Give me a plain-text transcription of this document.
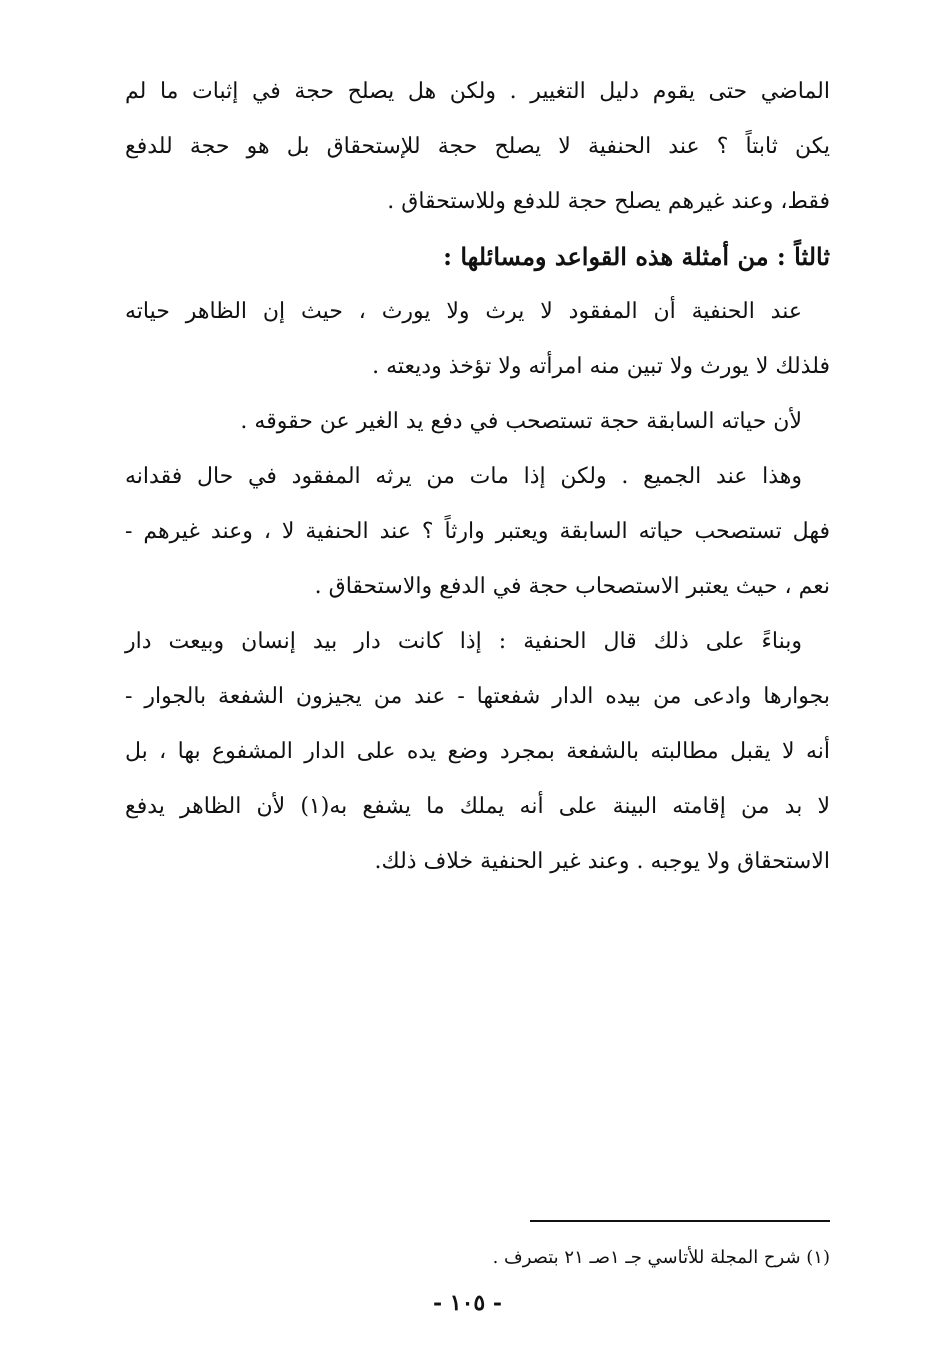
الماضي حتى يقوم دليل التغيير . ولكن هل يصلح حجة في إثبات ما لم
يكن ثابتاً ؟ عند الحنفية لا يصلح حجة للإستحقاق بل هو حجة للدفع
فقط، وعند غيرهم يصلح حجة للدفع وللاستحقاق .
ثالثاً : من أمثلة هذه القواعد ومسائلها :
عند الحنفية أن المفقود لا يرث ولا يورث ، حيث إن الظاهر حياته
فلذلك لا يورث ولا تبين منه امرأته ولا تؤخذ وديعته .
لأن حياته السابقة حجة تستصحب في دفع يد الغير عن حقوقه .
وهذا عند الجميع . ولكن إذا مات من يرثه المفقود في حال فقدانه
فهل تستصحب حياته السابقة ويعتبر وارثاً ؟ عند الحنفية لا ، وعند غيرهم -
نعم ، حيث يعتبر الاستصحاب حجة في الدفع والاستحقاق .
وبناءً على ذلك قال الحنفية : إذا كانت دار بيد إنسان وبيعت دار
بجوارها وادعى من بيده الدار شفعتها - عند من يجيزون الشفعة بالجوار -
أنه لا يقبل مطالبته بالشفعة بمجرد وضع يده على الدار المشفوع بها ، بل
لا بد من إقامته البينة على أنه يملك ما يشفع به(١) لأن الظاهر يدفع
الاستحقاق ولا يوجبه . وعند غير الحنفية خلاف ذلك.
(١) شرح المجلة للأتاسي جـ ١صـ ٢١ بتصرف .
- ١٠٥ -
